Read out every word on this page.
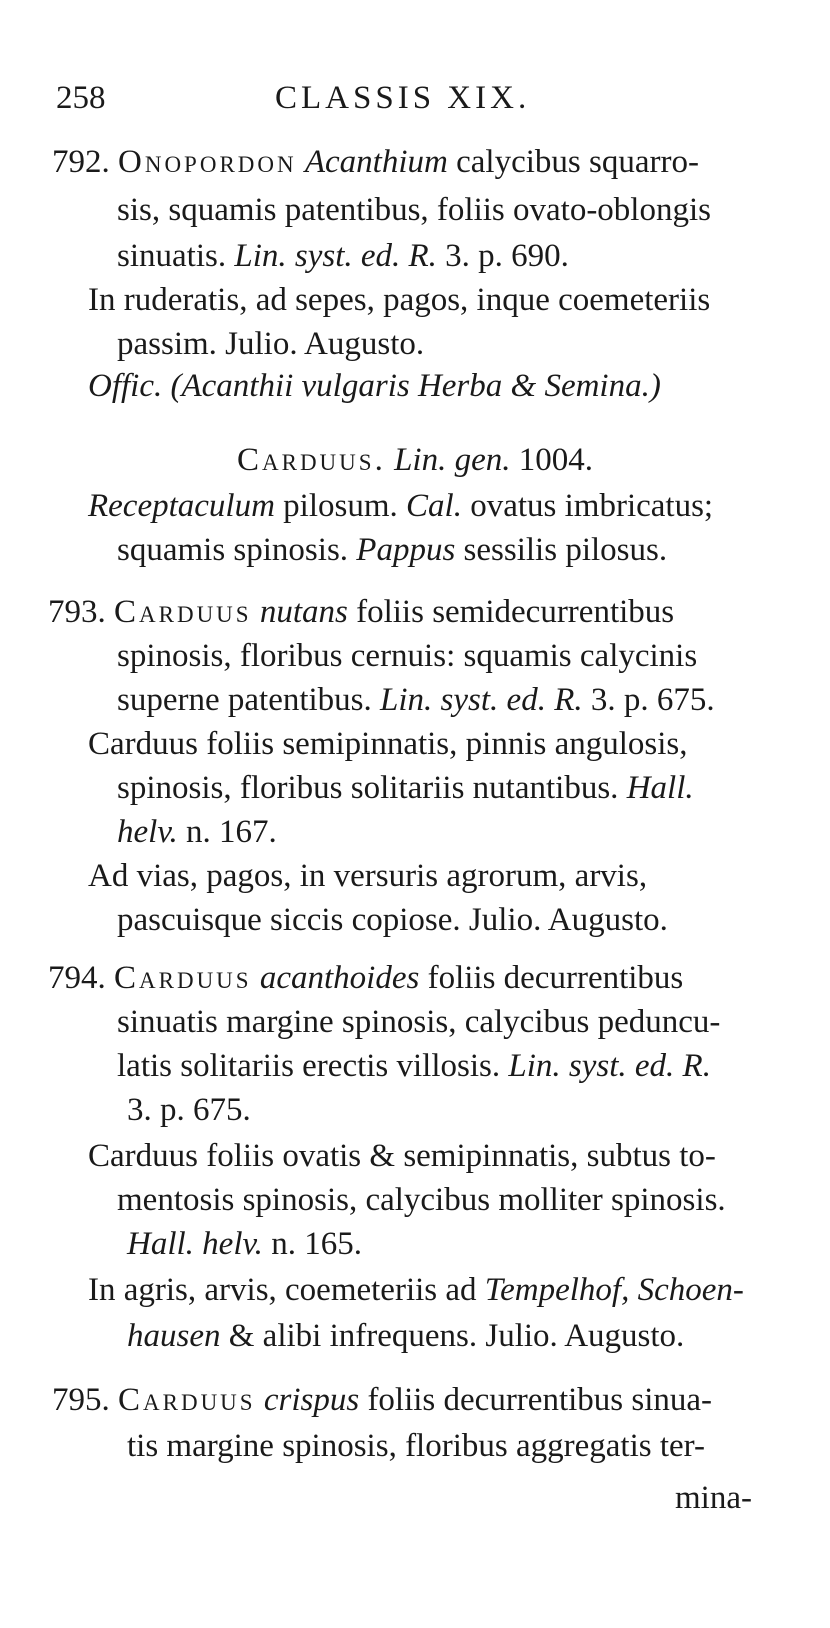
258	CLASSIS XIX.
792. Onopordon Acanthium calycibus squarro-
sis, squamis patentibus, foliis ovato-oblongis
sinuatis. Lin. syst. ed. R. 3. p. 690.
In ruderatis, ad sepes, pagos, inque coemeteriis
passim. Julio. Augusto.
Offic. (Acanthii vulgaris Herba & Semina.)
Carduus. Lin. gen. 1004.
Receptaculum pilosum. Cal. ovatus imbricatus;
squamis spinosis. Pappus sessilis pilosus.
793. Carduus nutans foliis semidecurrentibus
spinosis, floribus cernuis: squamis calycinis
superne patentibus. Lin. syst. ed. R. 3. p. 675.
Carduus foliis semipinnatis, pinnis angulosis,
spinosis, floribus solitariis nutantibus. Hall.
helv. n. 167.
Ad vias, pagos, in versuris agrorum, arvis,
pascuisque siccis copiose. Julio. Augusto.
794. Carduus acanthoides foliis decurrentibus
sinuatis margine spinosis, calycibus peduncu-
latis solitariis erectis villosis. Lin. syst. ed. R.
3. p. 675.
Carduus foliis ovatis & semipinnatis, subtus to-
mentosis spinosis, calycibus molliter spinosis.
Hall. helv. n. 165.
In agris, arvis, coemeteriis ad Tempelhof, Schoen-
hausen & alibi infrequens. Julio. Augusto.
795. Carduus crispus foliis decurrentibus sinua-
tis margine spinosis, floribus aggregatis ter-
mina-
